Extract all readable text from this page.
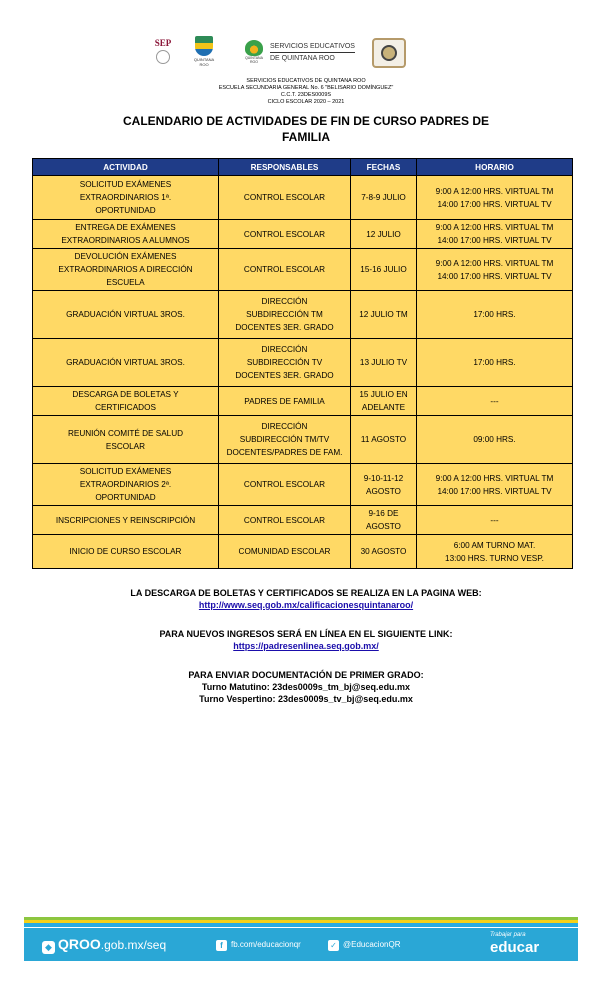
SEP
QUINTANA ROO
QUINTANA ROO
SERVICIOS EDUCATIVOS
DE QUINTANA ROO
SERVICIOS EDUCATIVOS DE QUINTANA ROO
ESCUELA SECUNDARIA GENERAL No. 6 "BELISARIO DOMÍNGUEZ"
C.C.T. 23DES0009S
CICLO ESCOLAR 2020 – 2021
CALENDARIO DE ACTIVIDADES DE FIN DE CURSO PADRES DE
FAMILIA
ACTIVIDAD	RESPONSABLES	FECHAS	HORARIO

SOLICITUD EXÁMENES
EXTRAORDINARIOS 1ª.
OPORTUNIDAD	CONTROL ESCOLAR	7-8-9 JULIO	9:00 A 12:00 HRS. VIRTUAL TM
14:00 17:00 HRS. VIRTUAL TV

ENTREGA DE EXÁMENES
EXTRAORDINARIOS A ALUMNOS	CONTROL ESCOLAR	12 JULIO	9:00 A 12:00 HRS. VIRTUAL TM
14:00 17:00 HRS. VIRTUAL TV

DEVOLUCIÓN EXÁMENES
EXTRAORDINARIOS A DIRECCIÓN
ESCUELA	CONTROL ESCOLAR	15-16 JULIO	9:00 A 12:00 HRS. VIRTUAL TM
14:00 17:00 HRS. VIRTUAL TV

GRADUACIÓN VIRTUAL 3ROS.	DIRECCIÓN
SUBDIRECCIÓN TM
DOCENTES 3ER. GRADO	12 JULIO TM	17:00 HRS.

GRADUACIÓN VIRTUAL 3ROS.	DIRECCIÓN
SUBDIRECCIÓN TV
DOCENTES 3ER. GRADO	13 JULIO TV	17:00 HRS.

DESCARGA DE BOLETAS Y
CERTIFICADOS	PADRES DE FAMILIA	15 JULIO EN
ADELANTE	---

REUNIÓN COMITÉ DE SALUD
ESCOLAR	DIRECCIÓN
SUBDIRECCIÓN TM/TV
DOCENTES/PADRES DE FAM.	11 AGOSTO	09:00 HRS.

SOLICITUD EXÁMENES
EXTRAORDINARIOS 2ª.
OPORTUNIDAD	CONTROL ESCOLAR	9-10-11-12
AGOSTO	9:00 A 12:00 HRS. VIRTUAL TM
14:00 17:00 HRS. VIRTUAL TV

INSCRIPCIONES Y REINSCRIPCIÓN	CONTROL ESCOLAR	9-16 DE
AGOSTO	---

INICIO DE CURSO ESCOLAR	COMUNIDAD ESCOLAR	30 AGOSTO	6:00 AM TURNO MAT.
13:00 HRS. TURNO VESP.
LA DESCARGA DE BOLETAS Y CERTIFICADOS SE REALIZA EN LA PAGINA WEB:
http://www.seq.gob.mx/calificacionesquintanaroo/
PARA NUEVOS INGRESOS SERÁ EN LÍNEA EN EL SIGUIENTE LINK:
https://padresenlinea.seq.gob.mx/
PARA ENVIAR DOCUMENTACIÓN DE PRIMER GRADO:
Turno Matutino: 23des0009s_tm_bj@seq.edu.mx
Turno Vespertino: 23des0009s_tv_bj@seq.edu.mx
◆ QROO.gob.mx/seq	f fb.com/educacionqr	✓ @EducacionQR
Trabajar para
educar
